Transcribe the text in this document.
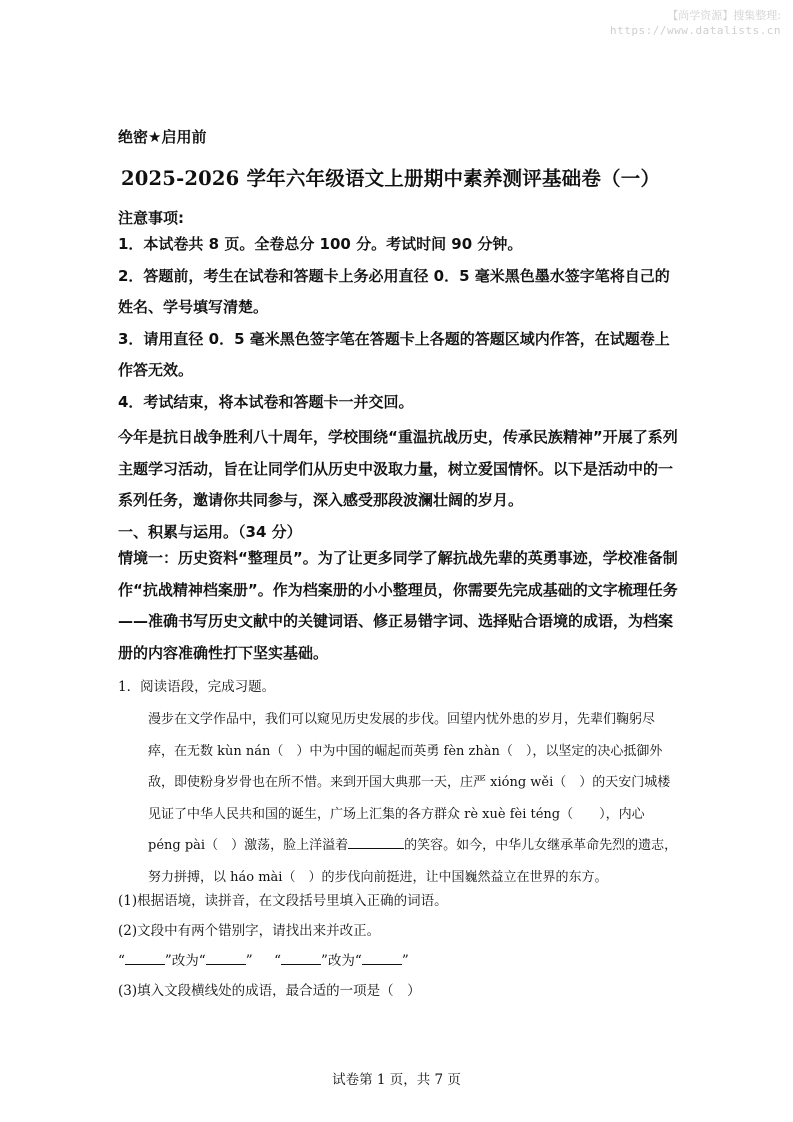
【尚学资源】搜集整理:
https://www.datalists.cn
绝密★启用前
2025-2026 学年六年级语文上册期中素养测评基础卷（一）
注意事项:

1．本试卷共 8 页。全卷总分 100 分。考试时间 90 分钟。

2．答题前，考生在试卷和答题卡上务必用直径 0．5 毫米黑色墨水签字笔将自己的姓名、学号填写清楚。

3．请用直径 0．5 毫米黑色签字笔在答题卡上各题的答题区域内作答，在试题卷上作答无效。

4．考试结束，将本试卷和答题卡一并交回。

今年是抗日战争胜利八十周年，学校围绕“重温抗战历史，传承民族精神”开展了系列主题学习活动，旨在让同学们从历史中汲取力量，树立爱国情怀。以下是活动中的一系列任务，邀请你共同参与，深入感受那段波澜壮阔的岁月。

一、积累与运用。（34 分）

情境一：历史资料“整理员”。为了让更多同学了解抗战先辈的英勇事迹，学校准备制作“抗战精神档案册”。作为档案册的小小整理员，你需要先完成基础的文字梳理任务——准确书写历史文献中的关键词语、修正易错字词、选择贴合语境的成语，为档案册的内容准确性打下坚实基础。
1．阅读语段，完成习题。
漫步在文学作品中，我们可以窥见历史发展的步伐。回望内忧外患的岁月，先辈们鞠躬尽瘁，在无数 kùn nán（　）中为中国的崛起而英勇 fèn zhàn（　），以坚定的决心抵御外敌，即使粉身岁骨也在所不惜。来到开国大典那一天，庄严 xióng wěi（　）的天安门城楼见证了中华人民共和国的诞生，广场上汇集的各方群众 rè xuè fèi téng（　　），内心 péng pài（　）激荡，脸上洋溢着	的笑容。如今，中华儿女继承革命先烈的遗志，努力拼搏，以 háo mài（　）的步伐向前挺进，让中国巍然益立在世界的东方。
(1)根据语境，读拼音，在文段括号里填入正确的词语。
(2)文段中有两个错别字，请找出来并改正。
“	”改为“	” “	”改为“	”
(3)填入文段横线处的成语，最合适的一项是（　）
试卷第 1 页，共 7 页
